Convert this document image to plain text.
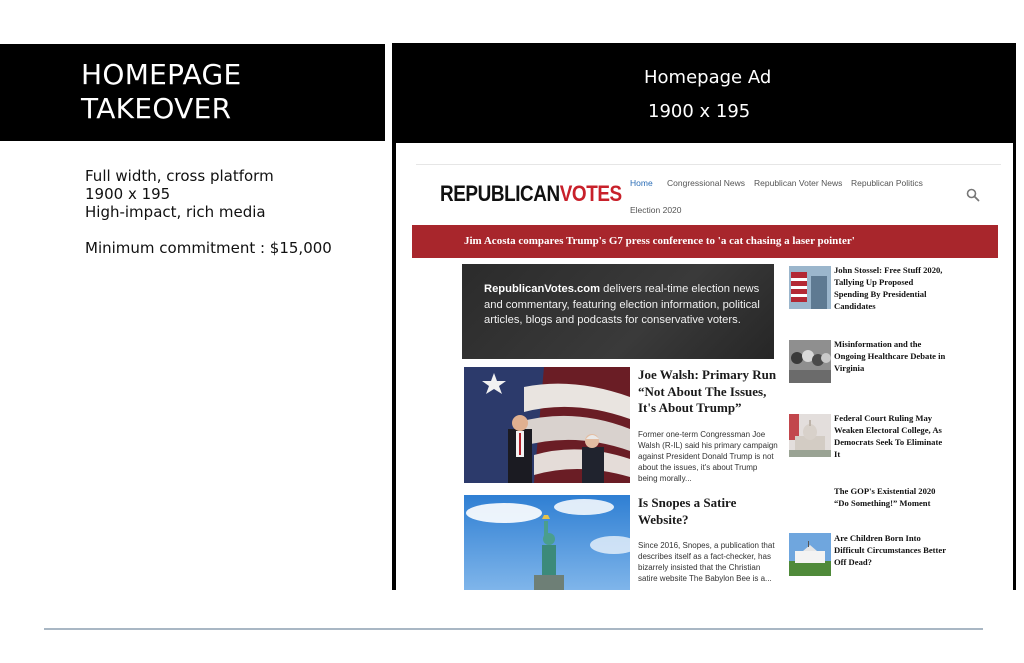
HOMEPAGE
TAKEOVER
Full width, cross platform
1900 x 195
High-impact, rich media
Minimum commitment : $15,000
Homepage Ad
1900 x 195
REPUBLICANVOTES Home Congressional News Republican Voter News Republican Politics
Election 2020
Jim Acosta compares Trump's G7 press conference to 'a cat chasing a laser pointer'
RepublicanVotes.com delivers real-time election news and commentary, featuring election information, political articles, blogs and podcasts for conservative voters.
Joe Walsh: Primary Run “Not About The Issues, It's About Trump”
Former one-term Congressman Joe Walsh (R-IL) said his primary campaign against President Donald Trump is not about the issues, it's about Trump being morally...
Is Snopes a Satire Website?
Since 2016, Snopes, a publication that describes itself as a fact-checker, has bizarrely insisted that the Christian satire website The Babylon Bee is a...
John Stossel: Free Stuff 2020, Tallying Up Proposed Spending By Presidential Candidates
Misinformation and the Ongoing Healthcare Debate in Virginia
Federal Court Ruling May Weaken Electoral College, As Democrats Seek To Eliminate It
The GOP's Existential 2020 “Do Something!” Moment
Are Children Born Into Difficult Circumstances Better Off Dead?
